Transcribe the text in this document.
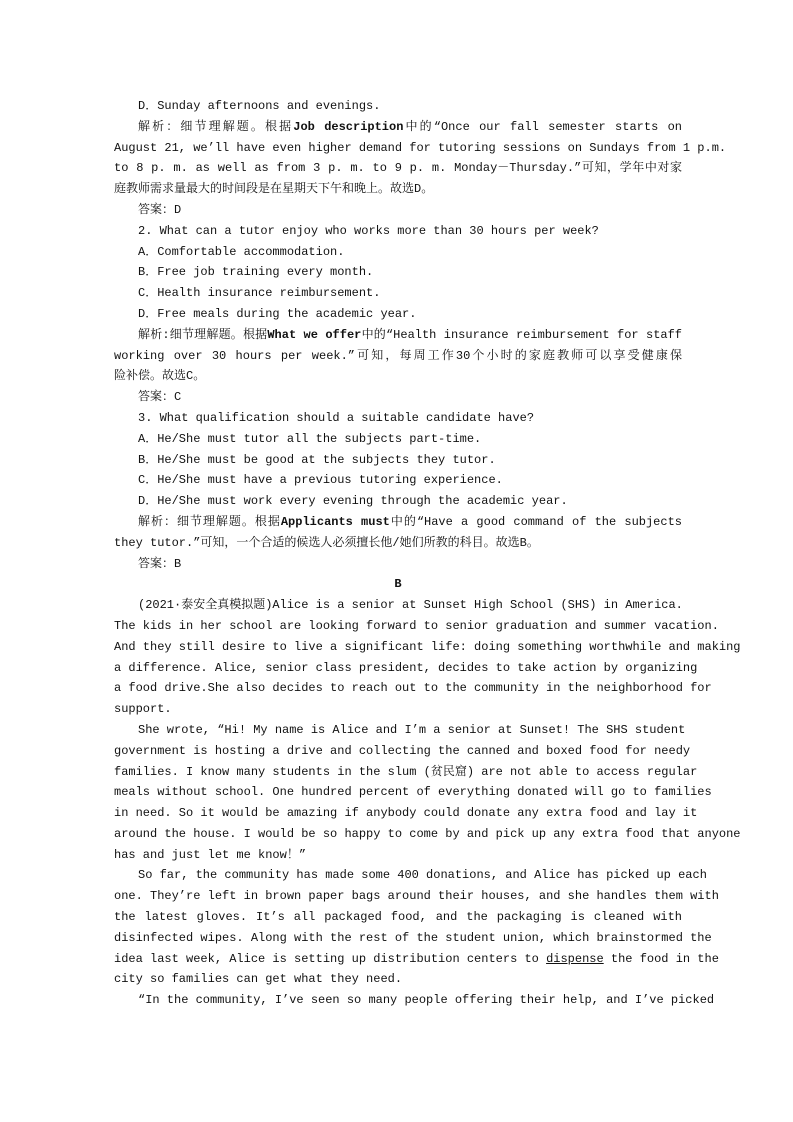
D．Sunday afternoons and evenings.
解析：细节理解题。根据Job description中的“Once our fall semester starts on
August 21, we’ll have even higher demand for tutoring sessions on Sundays from 1 p.m.
to 8 p. m. as well as from 3 p. m. to 9 p. m. Monday－Thursday.”可知，学年中对家
庭教师需求量最大的时间段是在星期天下午和晚上。故选D。
答案：D
2. What can a tutor enjoy who works more than 30 hours per week?
A．Comfortable accommodation.
B．Free job training every month.
C．Health insurance reimbursement.
D．Free meals during the academic year.
解析:细节理解题。根据What we offer中的“Health insurance reimbursement for staff
working over 30 hours per week.”可知，每周工作30个小时的家庭教师可以享受健康保
险补偿。故选C。
答案：C
3. What qualification should a suitable candidate have?
A．He/She must tutor all the subjects part-time.
B．He/She must be good at the subjects they tutor.
C．He/She must have a previous tutoring experience.
D．He/She must work every evening through the academic year.
解析：细节理解题。根据Applicants must中的“Have a good command of the subjects
they tutor.”可知，一个合适的候选人必须擅长他/她们所教的科目。故选B。
答案：B
B
(2021·泰安全真模拟题)Alice is a senior at Sunset High School (SHS) in America.
The kids in her school are looking forward to senior graduation and summer vacation.
And they still desire to live a significant life: doing something worthwhile and making
a difference. Alice, senior class president, decides to take action by organizing
a food drive.She also decides to reach out to the community in the neighborhood for
support.
She wrote, “Hi! My name is Alice and I’m a senior at Sunset! The SHS student
government is hosting a drive and collecting the canned and boxed food for needy
families. I know many students in the slum (贫民窟) are not able to access regular
meals without school. One hundred percent of everything donated will go to families
in need. So it would be amazing if anybody could donate any extra food and lay it
around the house. I would be so happy to come by and pick up any extra food that anyone
has and just let me know！”
So far, the community has made some 400 donations, and Alice has picked up each
one. They’re left in brown paper bags around their houses, and she handles them with
the latest gloves. It’s all packaged food, and the packaging is cleaned with
disinfected wipes. Along with the rest of the student union, which brainstormed the
idea last week, Alice is setting up distribution centers to dispense the food in the
city so families can get what they need.
“In the community, I’ve seen so many people offering their help, and I’ve picked
